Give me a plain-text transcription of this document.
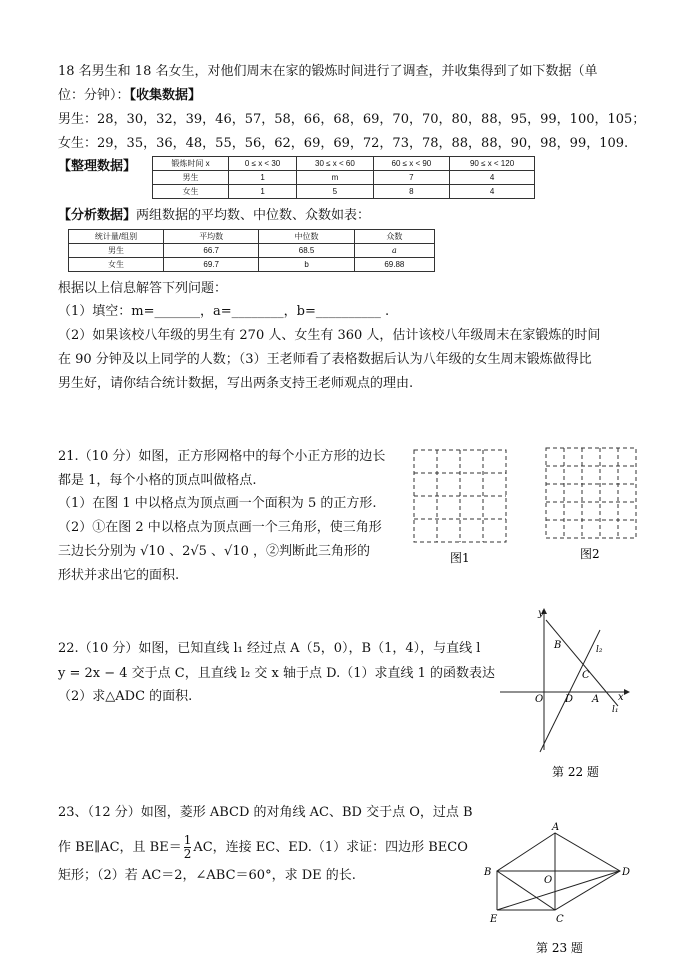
18 名男生和 18 名女生，对他们周末在家的锻炼时间进行了调查，并收集得到了如下数据（单
位：分钟）：【收集数据】
男生：28，30，32，39，46，57，58，66，68，69，70，70，80，88，95，99，100，105；
女生：29，35，36，48，55，56，62，69，69，72，73，78，88，88，90，98，99，109.
【整理数据】	锻炼时间 x	0 ≤ x < 30	30 ≤ x < 60	60 ≤ x < 90	90 ≤ x < 120
男生	1	m	7	4
女生	1	5	8	4
【分析数据】两组数据的平均数、中位数、众数如表：
统计量/组别	平均数	中位数	众数
男生	66.7	68.5	a
女生	69.7	b	69.88
根据以上信息解答下列问题：
（1）填空：m=_______，a=________，b=__________ .
（2）如果该校八年级的男生有 270 人、女生有 360 人，估计该校八年级周末在家锻炼的时间
在 90 分钟及以上同学的人数；（3）王老师看了表格数据后认为八年级的女生周末锻炼做得比
男生好，请你结合统计数据，写出两条支持王老师观点的理由.
21.（10 分）如图，正方形网格中的每个小正方形的边长
都是 1，每个小格的顶点叫做格点.
（1）在图 1 中以格点为顶点画一个面积为 5 的正方形.
（2）①在图 2 中以格点为顶点画一个三角形，使三角形
三边长分别为 √10 、2√5 、√10 ，②判断此三角形的
形状并求出它的面积.
图1	图2
22.（10 分）如图，已知直线 l₁ 经过点 A（5，0），B（1，4），与直线 l
y = 2x − 4 交于点 C，且直线 l₂ 交 x 轴于点 D.（1）求直线 1 的函数表达
（2）求△ADC 的面积.
y
x
O
B
C
D A
l₁
l₂
第 22 题
23、（12 分）如图，菱形 ABCD 的对角线 AC、BD 交于点 O，过点 B
作 BE∥AC，且 $BE= \frac{1}{2}$ AC，连接 EC、ED.（1）求证：四边形 BECO
矩形；（2）若 AC＝2，∠ABC＝60°，求 DE 的长.
A
B	D
E	C
O
第 23 题
